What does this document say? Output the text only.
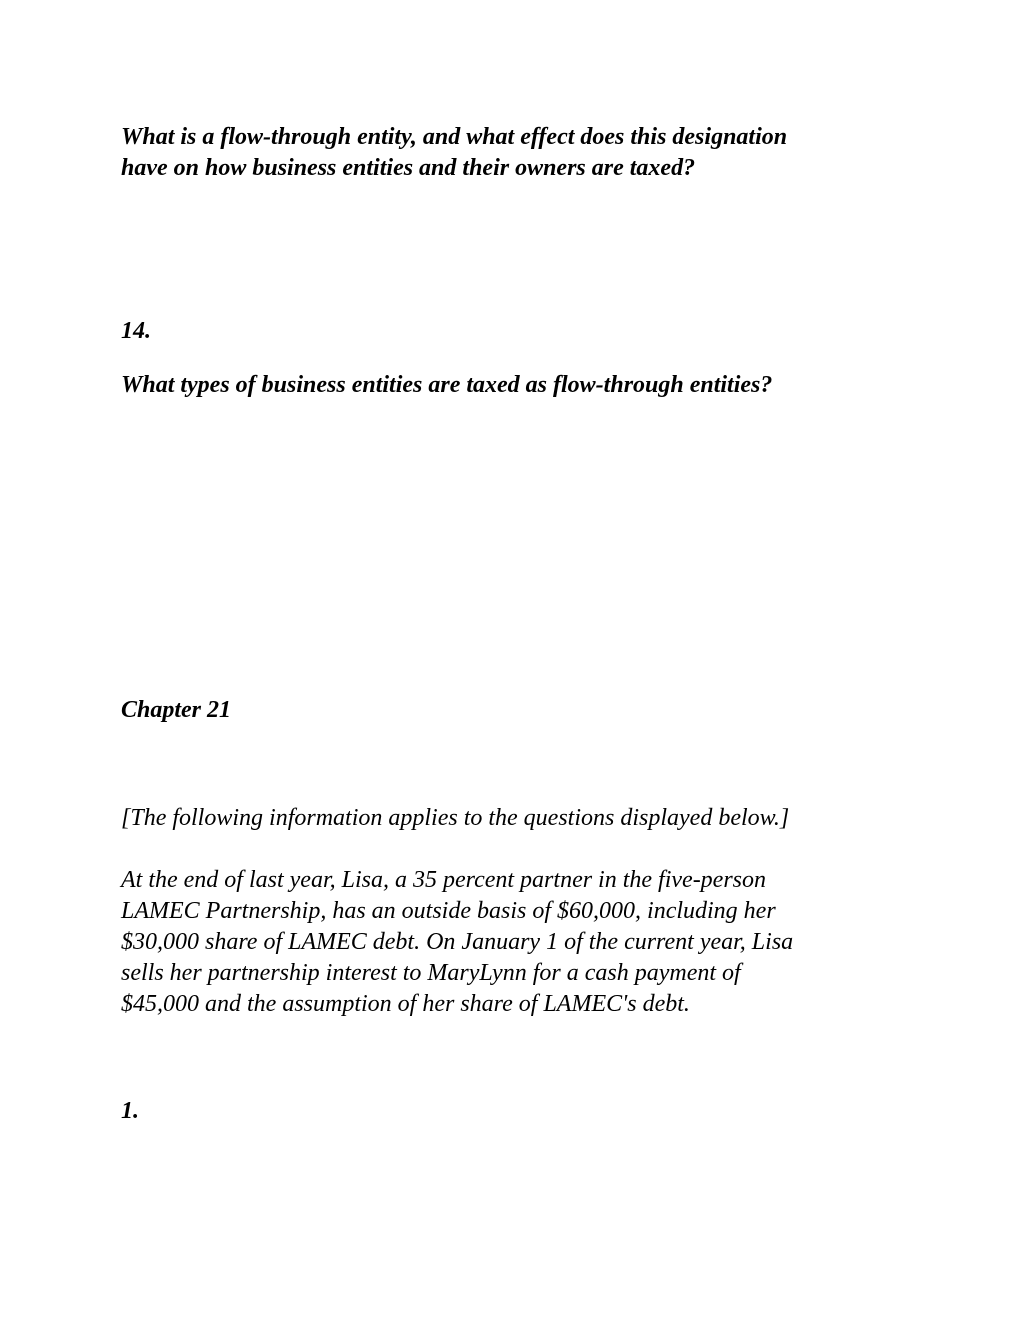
What is a flow-through entity, and what effect does this designation
have on how business entities and their owners are taxed?

14.

What types of business entities are taxed as flow-through entities?

Chapter 21

[The following information applies to the questions displayed below.]

At the end of last year, Lisa, a 35 percent partner in the five-person
LAMEC Partnership, has an outside basis of $60,000, including her
$30,000 share of LAMEC debt. On January 1 of the current year, Lisa
sells her partnership interest to MaryLynn for a cash payment of
$45,000 and the assumption of her share of LAMEC's debt.

1.
